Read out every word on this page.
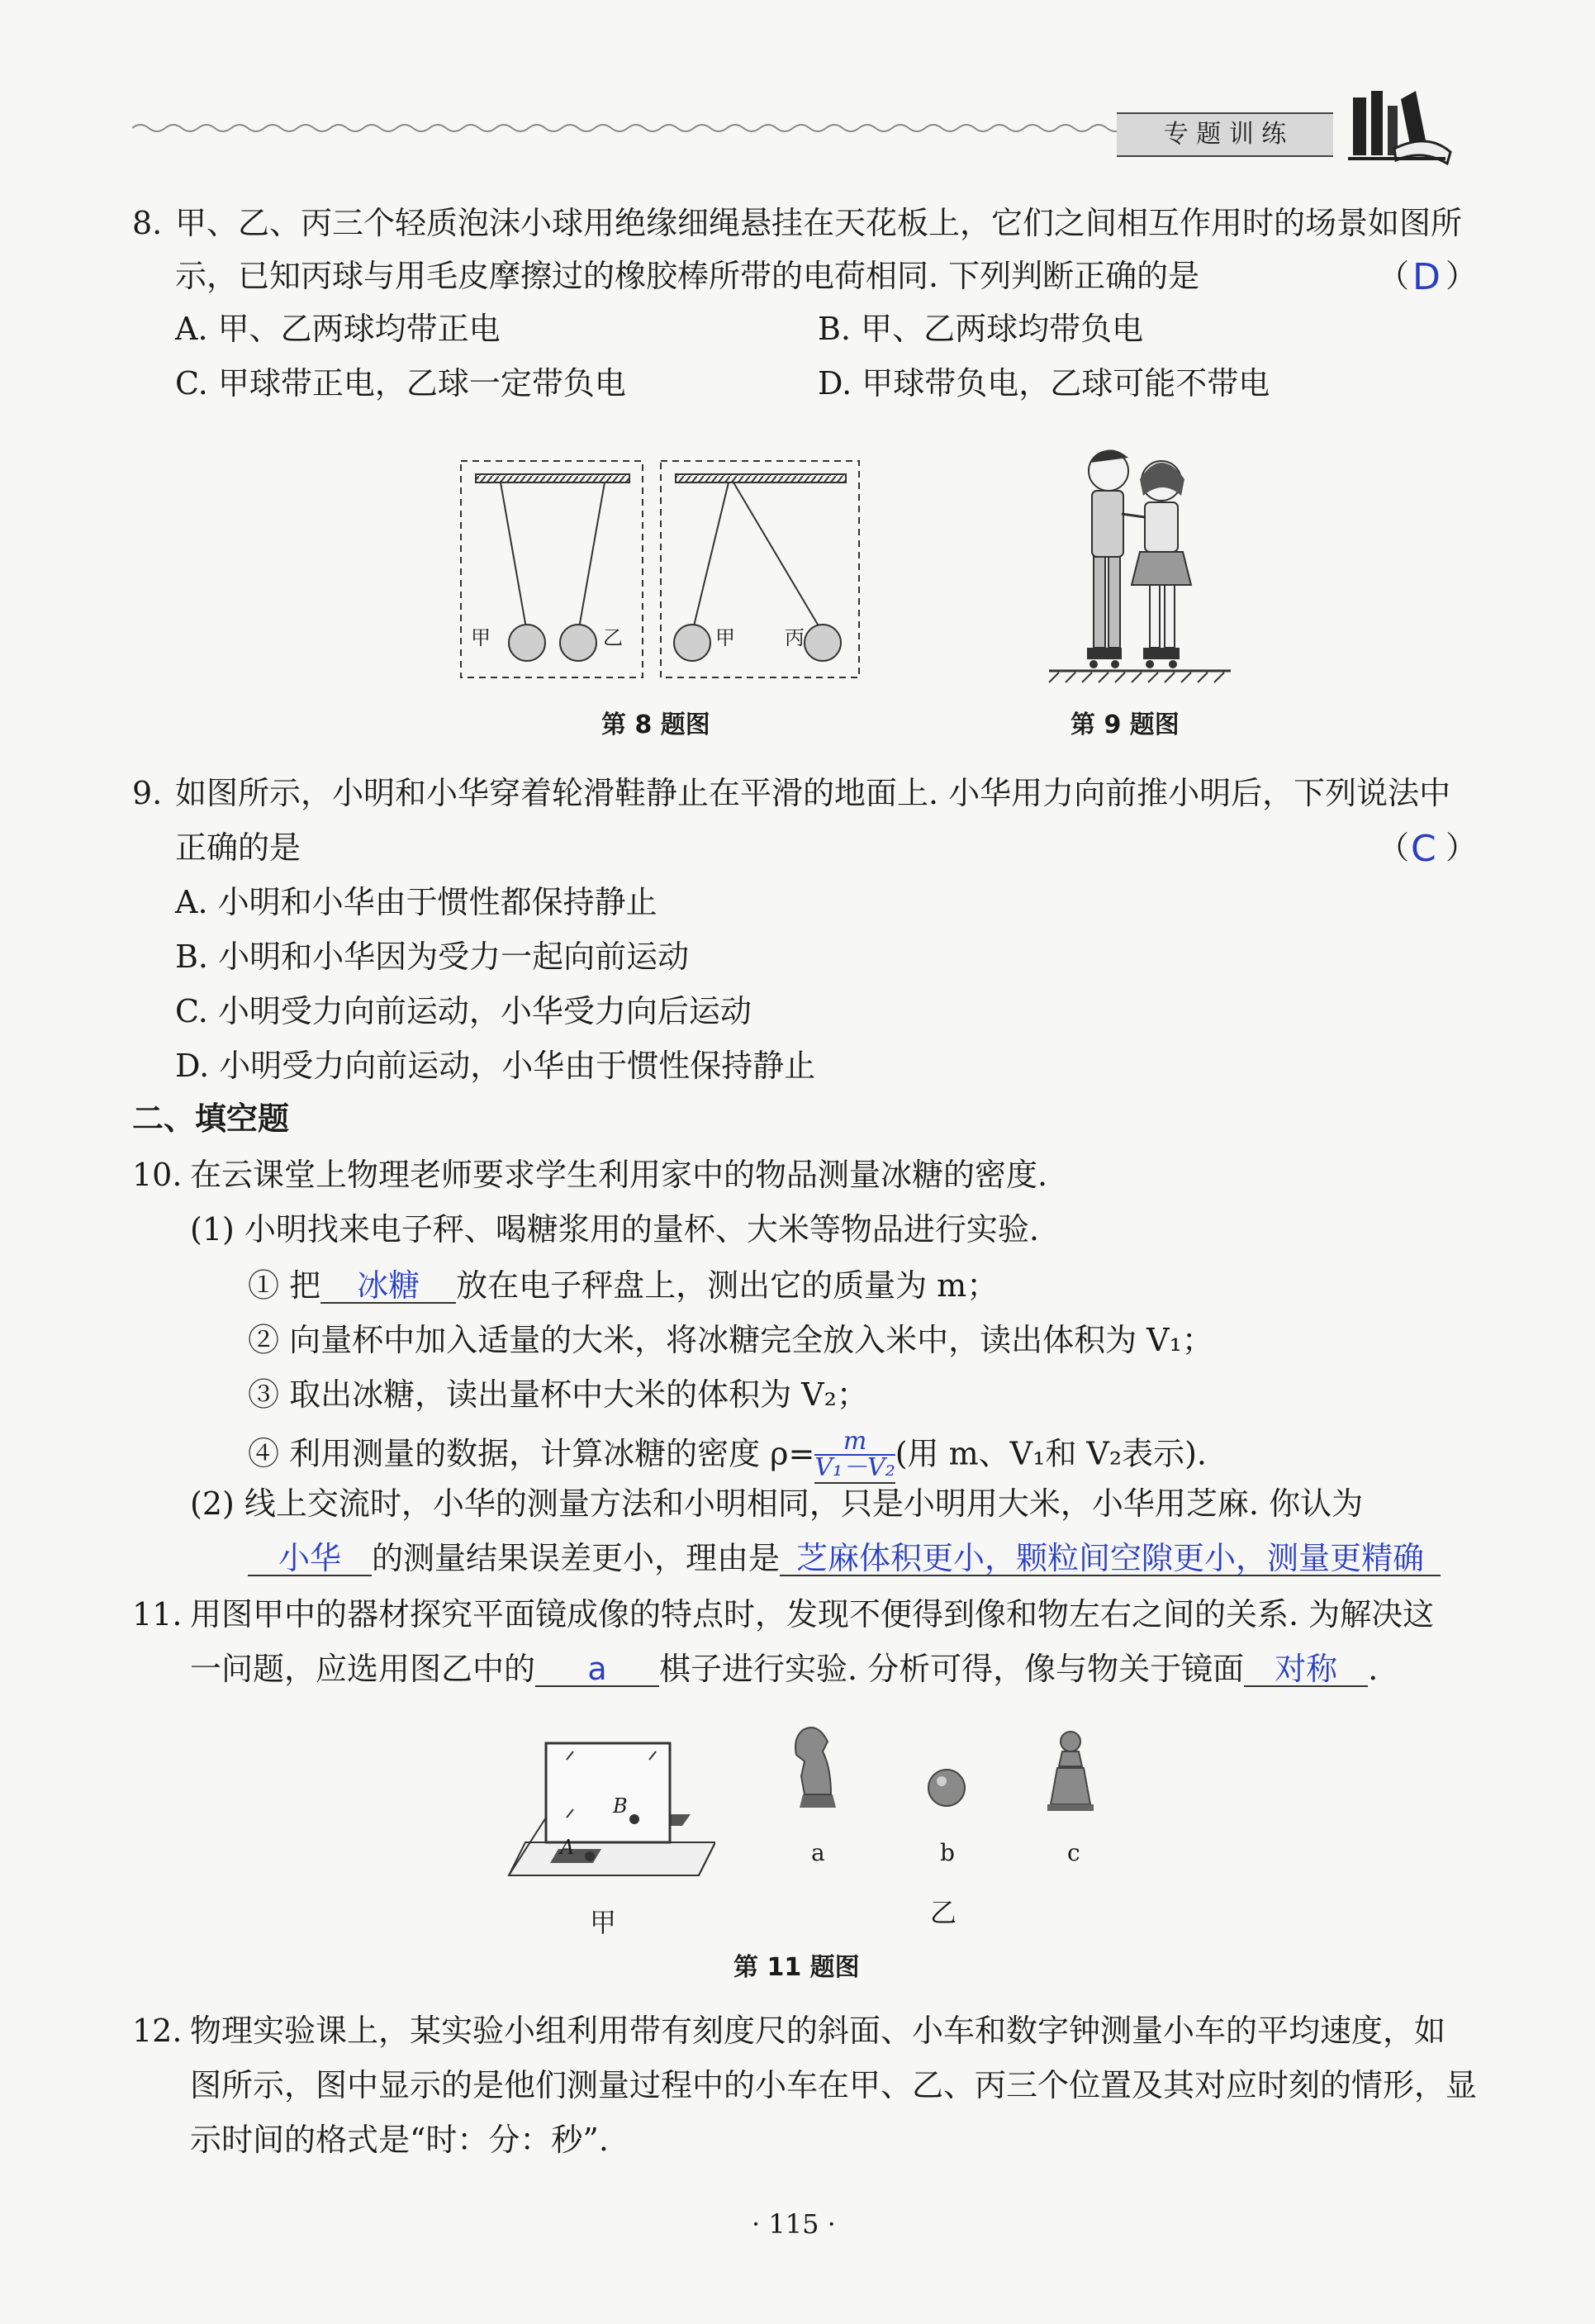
专 题 训 练
8. 甲、乙、丙三个轻质泡沫小球用绝缘细绳悬挂在天花板上，它们之间相互作用时的场景如图所
示，已知丙球与用毛皮摩擦过的橡胶棒所带的电荷相同. 下列判断正确的是	（ D ）
A. 甲、乙两球均带正电	B. 甲、乙两球均带负电
C. 甲球带正电，乙球一定带负电	D. 甲球带负电，乙球可能不带电
甲	乙	甲	丙
第 8 题图	第 9 题图
9. 如图所示，小明和小华穿着轮滑鞋静止在平滑的地面上. 小华用力向前推小明后，下列说法中
正确的是	（ C ）
A. 小明和小华由于惯性都保持静止
B. 小明和小华因为受力一起向前运动
C. 小明受力向前运动，小华受力向后运动
D. 小明受力向前运动，小华由于惯性保持静止
二、填空题
10. 在云课堂上物理老师要求学生利用家中的物品测量冰糖的密度.
(1) 小明找来电子秤、喝糖浆用的量杯、大米等物品进行实验.
① 把 冰糖 放在电子秤盘上，测出它的质量为 m；
② 向量杯中加入适量的大米，将冰糖完全放入米中，读出体积为 V₁；
③ 取出冰糖，读出量杯中大米的体积为 V₂；
④ 利用测量的数据，计算冰糖的密度 $\rho= \frac{m}{\text{V₁－V₂}}$ (用 m、V₁和 V₂表示).
(2) 线上交流时，小华的测量方法和小明相同，只是小明用大米，小华用芝麻. 你认为
小华 的测量结果误差更小，理由是 芝麻体积更小，颗粒间空隙更小，测量更精确
11. 用图甲中的器材探究平面镜成像的特点时，发现不便得到像和物左右之间的关系. 为解决这
一问题，应选用图乙中的 a 棋子进行实验. 分析可得，像与物关于镜面 对称 .
A
B
甲
a	b	c
乙
第 11 题图
12. 物理实验课上，某实验小组利用带有刻度尺的斜面、小车和数字钟测量小车的平均速度，如
图所示，图中显示的是他们测量过程中的小车在甲、乙、丙三个位置及其对应时刻的情形，显
示时间的格式是“时：分：秒”.
· 115 ·
